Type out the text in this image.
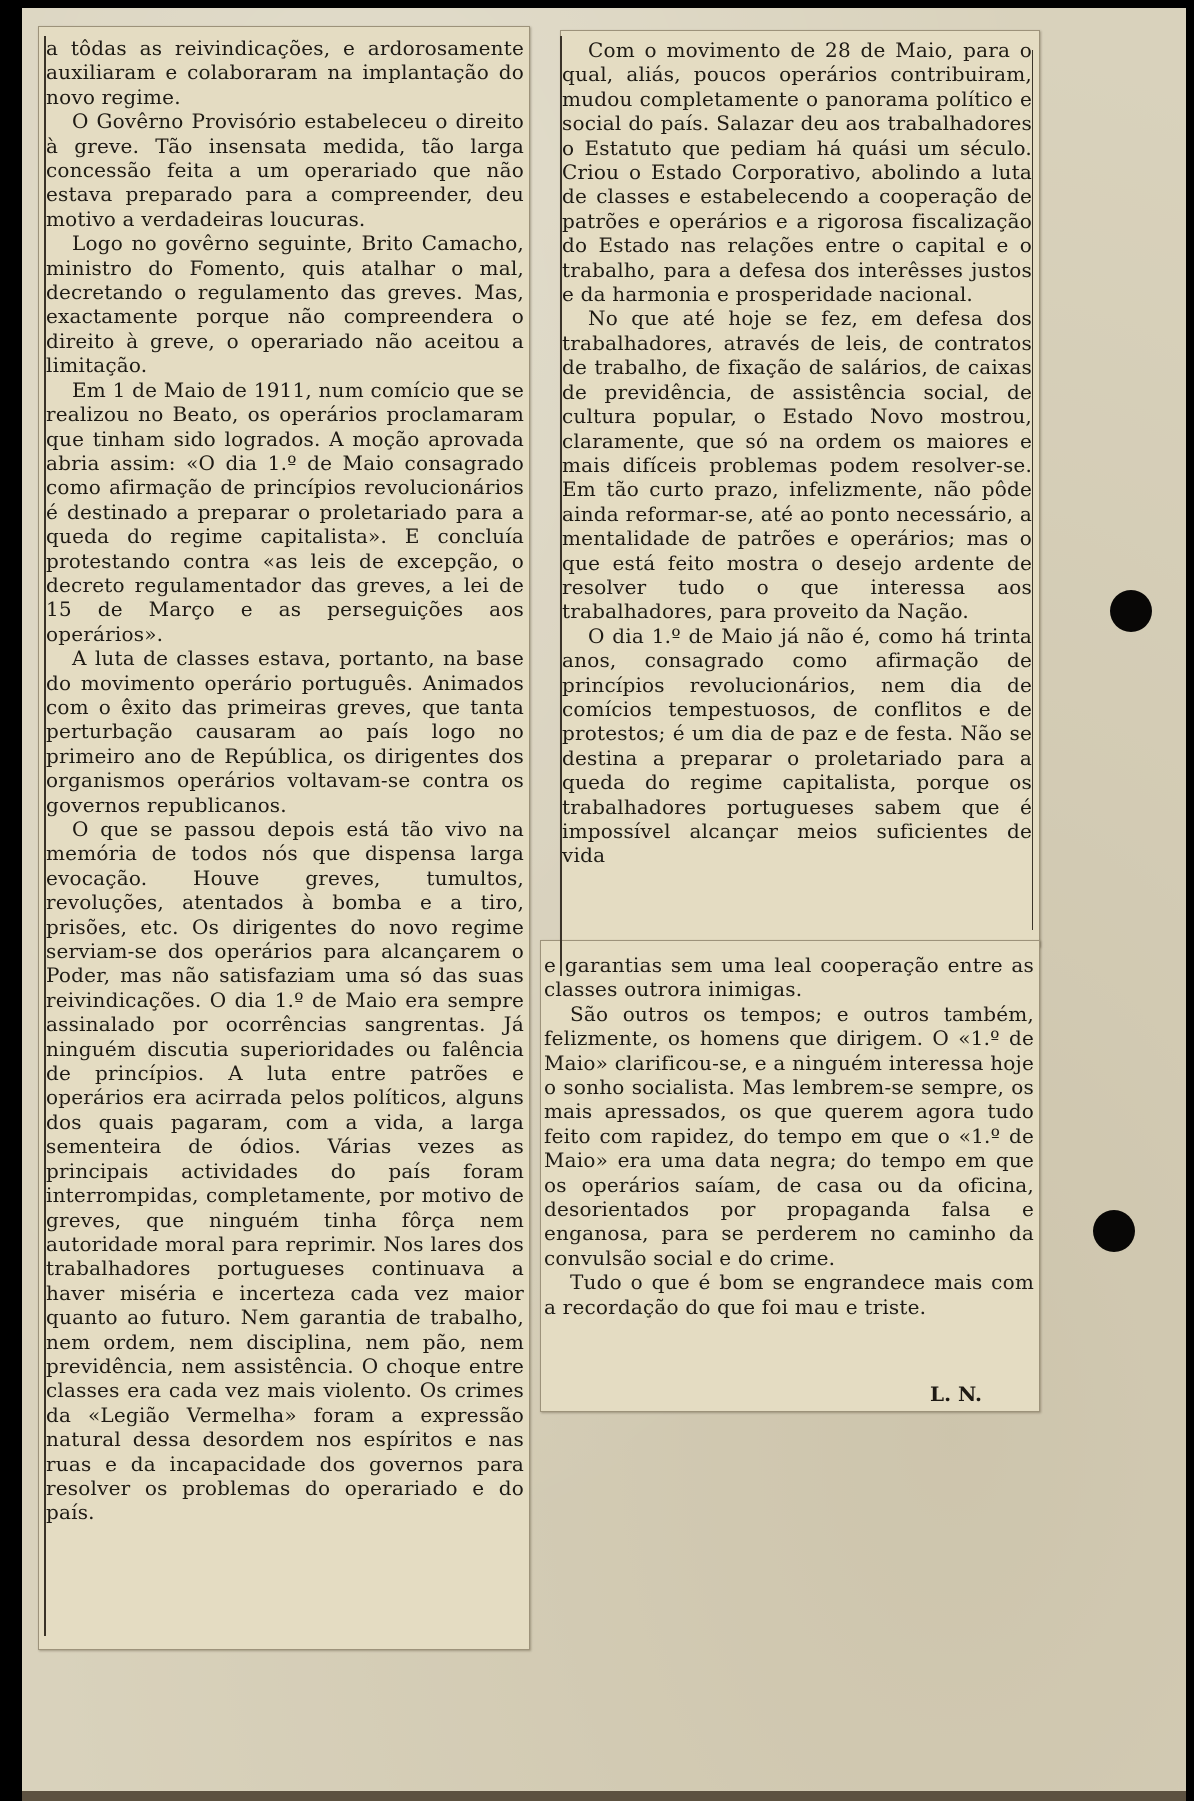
a tôdas as reivindicações, e ardorosamente auxiliaram e colaboraram na implantação do novo regime.

O Govêrno Provisório estabeleceu o direito à greve. Tão insensata medida, tão larga concessão feita a um operariado que não estava preparado para a compreender, deu motivo a verdadeiras loucuras.

Logo no govêrno seguinte, Brito Camacho, ministro do Fomento, quis atalhar o mal, decretando o regulamento das greves. Mas, exactamente porque não compreendera o direito à greve, o operariado não aceitou a limitação.

Em 1 de Maio de 1911, num comício que se realizou no Beato, os operários proclamaram que tinham sido logrados. A moção aprovada abria assim: «O dia 1.º de Maio consagrado como afirmação de princípios revolucionários é destinado a preparar o proletariado para a queda do regime capitalista». E concluía protestando contra «as leis de excepção, o decreto regulamentador das greves, a lei de 15 de Março e as perseguições aos operários».

A luta de classes estava, portanto, na base do movimento operário português. Animados com o êxito das primeiras greves, que tanta perturbação causaram ao país logo no primeiro ano de República, os dirigentes dos organismos operários voltavam-se contra os governos republicanos.

O que se passou depois está tão vivo na memória de todos nós que dispensa larga evocação. Houve greves, tumultos, revoluções, atentados à bomba e a tiro, prisões, etc. Os dirigentes do novo regime serviam-se dos operários para alcançarem o Poder, mas não satisfaziam uma só das suas reivindicações. O dia 1.º de Maio era sempre assinalado por ocorrências sangrentas. Já ninguém discutia superioridades ou falência de princípios. A luta entre patrões e operários era acirrada pelos políticos, alguns dos quais pagaram, com a vida, a larga sementeira de ódios. Várias vezes as principais actividades do país foram interrompidas, completamente, por motivo de greves, que ninguém tinha fôrça nem autoridade moral para reprimir. Nos lares dos trabalhadores portugueses continuava a haver miséria e incerteza cada vez maior quanto ao futuro. Nem garantia de trabalho, nem ordem, nem disciplina, nem pão, nem previdência, nem assistência. O choque entre classes era cada vez mais violento. Os crimes da «Legião Vermelha» foram a expressão natural dessa desordem nos espíritos e nas ruas e da incapacidade dos governos para resolver os problemas do operariado e do país.

Com o movimento de 28 de Maio, para o qual, aliás, poucos operários contribuiram, mudou completamente o panorama político e social do país. Salazar deu aos trabalhadores o Estatuto que pediam há quási um século. Criou o Estado Corporativo, abolindo a luta de classes e estabelecendo a cooperação de patrões e operários e a rigorosa fiscalização do Estado nas relações entre o capital e o trabalho, para a defesa dos interêsses justos e da harmonia e prosperidade nacional.

No que até hoje se fez, em defesa dos trabalhadores, através de leis, de contratos de trabalho, de fixação de salários, de caixas de previdência, de assistência social, de cultura popular, o Estado Novo mostrou, claramente, que só na ordem os maiores e mais difíceis problemas podem resolver-se. Em tão curto prazo, infelizmente, não pôde ainda reformar-se, até ao ponto necessário, a mentalidade de patrões e operários; mas o que está feito mostra o desejo ardente de resolver tudo o que interessa aos trabalhadores, para proveito da Nação.

O dia 1.º de Maio já não é, como há trinta anos, consagrado como afirmação de princípios revolucionários, nem dia de comícios tempestuosos, de conflitos e de protestos; é um dia de paz e de festa. Não se destina a preparar o proletariado para a queda do regime capitalista, porque os trabalhadores portugueses sabem que é impossível alcançar meios suficientes de vida

e garantias sem uma leal cooperação entre as classes outrora inimigas.

São outros os tempos; e outros também, felizmente, os homens que dirigem. O «1.º de Maio» clarificou-se, e a ninguém interessa hoje o sonho socialista. Mas lembrem-se sempre, os mais apressados, os que querem agora tudo feito com rapidez, do tempo em que o «1.º de Maio» era uma data negra; do tempo em que os operários saíam, de casa ou da oficina, desorientados por propaganda falsa e enganosa, para se perderem no caminho da convulsão social e do crime.

Tudo o que é bom se engrandece mais com a recordação do que foi mau e triste.

L. N.
